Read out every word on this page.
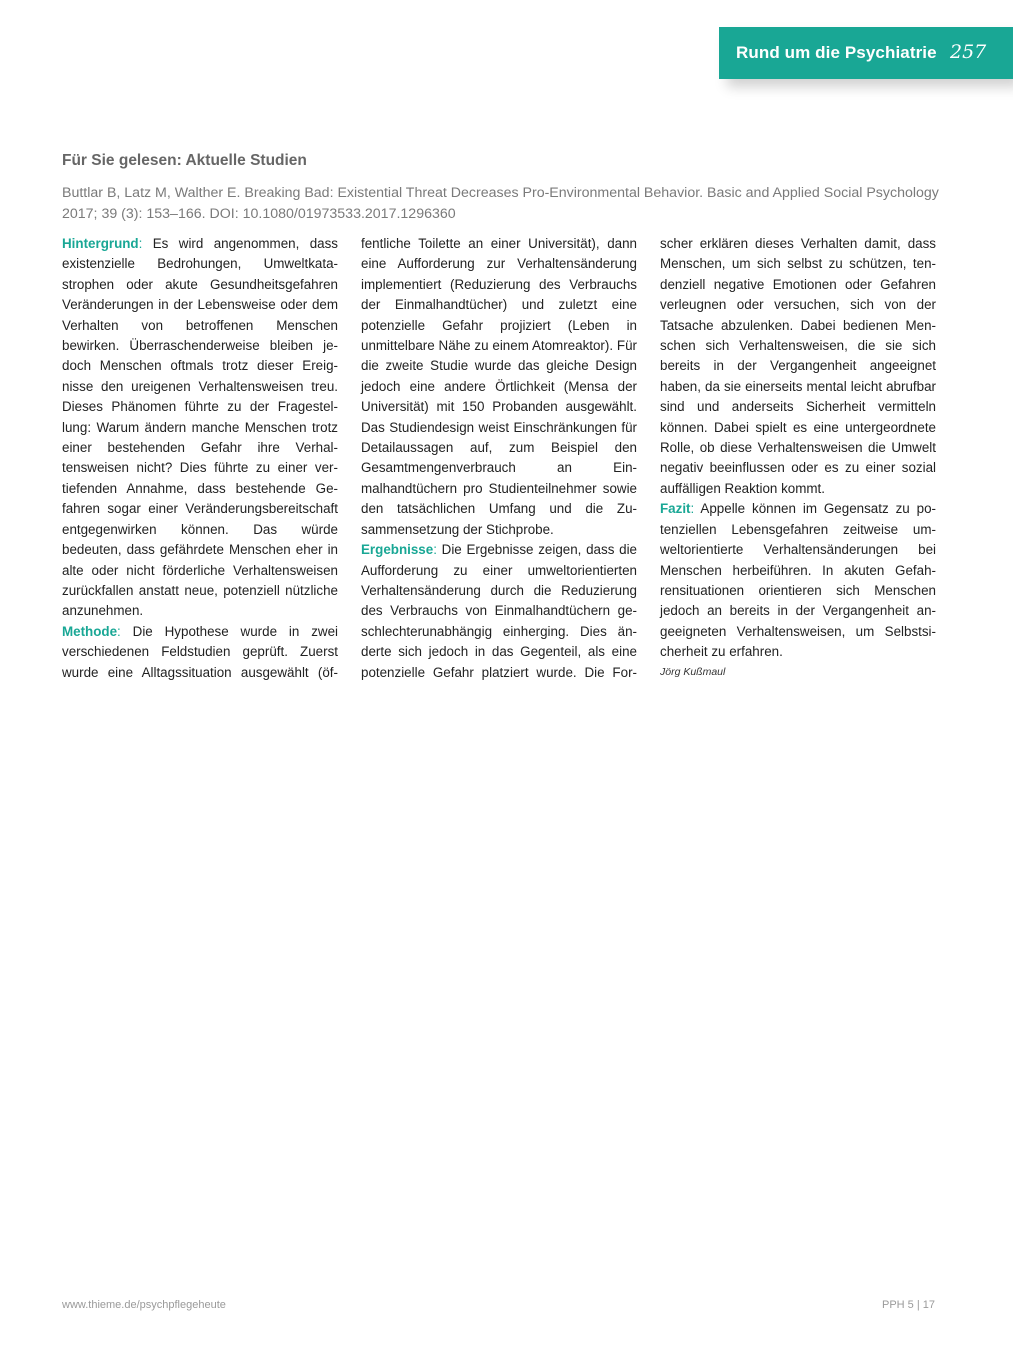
Rund um die Psychiatrie 257
Für Sie gelesen: Aktuelle Studien
Buttlar B, Latz M, Walther E. Breaking Bad: Existential Threat Decreases Pro-Environmental Behavior. Basic and Applied Social Psychology 2017; 39 (3): 153–166. DOI: 10.1080/01973533.2017.1296360

Hintergrund: Es wird angenommen, dass existenzielle Bedrohungen, Umweltkatastrophen oder akute Gesundheitsgefahren Veränderungen in der Lebensweise oder dem Verhalten von betroffenen Menschen bewirken. Überraschenderweise bleiben jedoch Menschen oftmals trotz dieser Ereignisse den ureigenen Verhaltensweisen treu. Dieses Phänomen führte zu der Fragestellung: Warum ändern manche Menschen trotz einer bestehenden Gefahr ihre Verhaltensweisen nicht? Dies führte zu einer vertiefenden Annahme, dass bestehende Gefahren sogar einer Veränderungsbereitschaft entgegenwirken können. Das würde bedeuten, dass gefährdete Menschen eher in alte oder nicht förderliche Verhaltensweisen zurückfallen anstatt neue, potenziell nützliche anzunehmen.

Methode: Die Hypothese wurde in zwei verschiedenen Feldstudien geprüft. Zuerst wurde eine Alltagssituation ausgewählt (öffentliche Toilette an einer Universität), dann eine Aufforderung zur Verhaltensänderung implementiert (Reduzierung des Verbrauchs der Einmalhandtücher) und zuletzt eine potenzielle Gefahr projiziert (Leben in unmittelbare Nähe zu einem Atomreaktor). Für die zweite Studie wurde das gleiche Design jedoch eine andere Örtlichkeit (Mensa der Universität) mit 150 Probanden ausgewählt. Das Studiendesign weist Einschränkungen für Detailaussagen auf, zum Beispiel den Gesamtmengenverbrauch an Einmalhandtüchern pro Studienteilnehmer sowie den tatsächlichen Umfang und die Zusammensetzung der Stichprobe.

Ergebnisse: Die Ergebnisse zeigen, dass die Aufforderung zu einer umweltorientierten Verhaltensänderung durch die Reduzierung des Verbrauchs von Einmalhandtüchern geschlechterunabhängig einherging. Dies änderte sich jedoch in das Gegenteil, als eine potenzielle Gefahr platziert wurde. Die Forscher erklären dieses Verhalten damit, dass Menschen, um sich selbst zu schützen, tendenziell negative Emotionen oder Gefahren verleugnen oder versuchen, sich von der Tatsache abzulenken. Dabei bedienen Menschen sich Verhaltensweisen, die sie sich bereits in der Vergangenheit angeeignet haben, da sie einerseits mental leicht abrufbar sind und anderseits Sicherheit vermitteln können. Dabei spielt es eine untergeordnete Rolle, ob diese Verhaltensweisen die Umwelt negativ beeinflussen oder es zu einer sozial auffälligen Reaktion kommt.

Fazit: Appelle können im Gegensatz zu potenziellen Lebensgefahren zeitweise umweltorientierte Verhaltensänderungen bei Menschen herbeiführen. In akuten Gefahrensituationen orientieren sich Menschen jedoch an bereits in der Vergangenheit angeeigneten Verhaltensweisen, um Selbstsicherheit zu erfahren.

Jörg Kußmaul
www.thieme.de/psychpflegeheute	PPH 5 | 17
